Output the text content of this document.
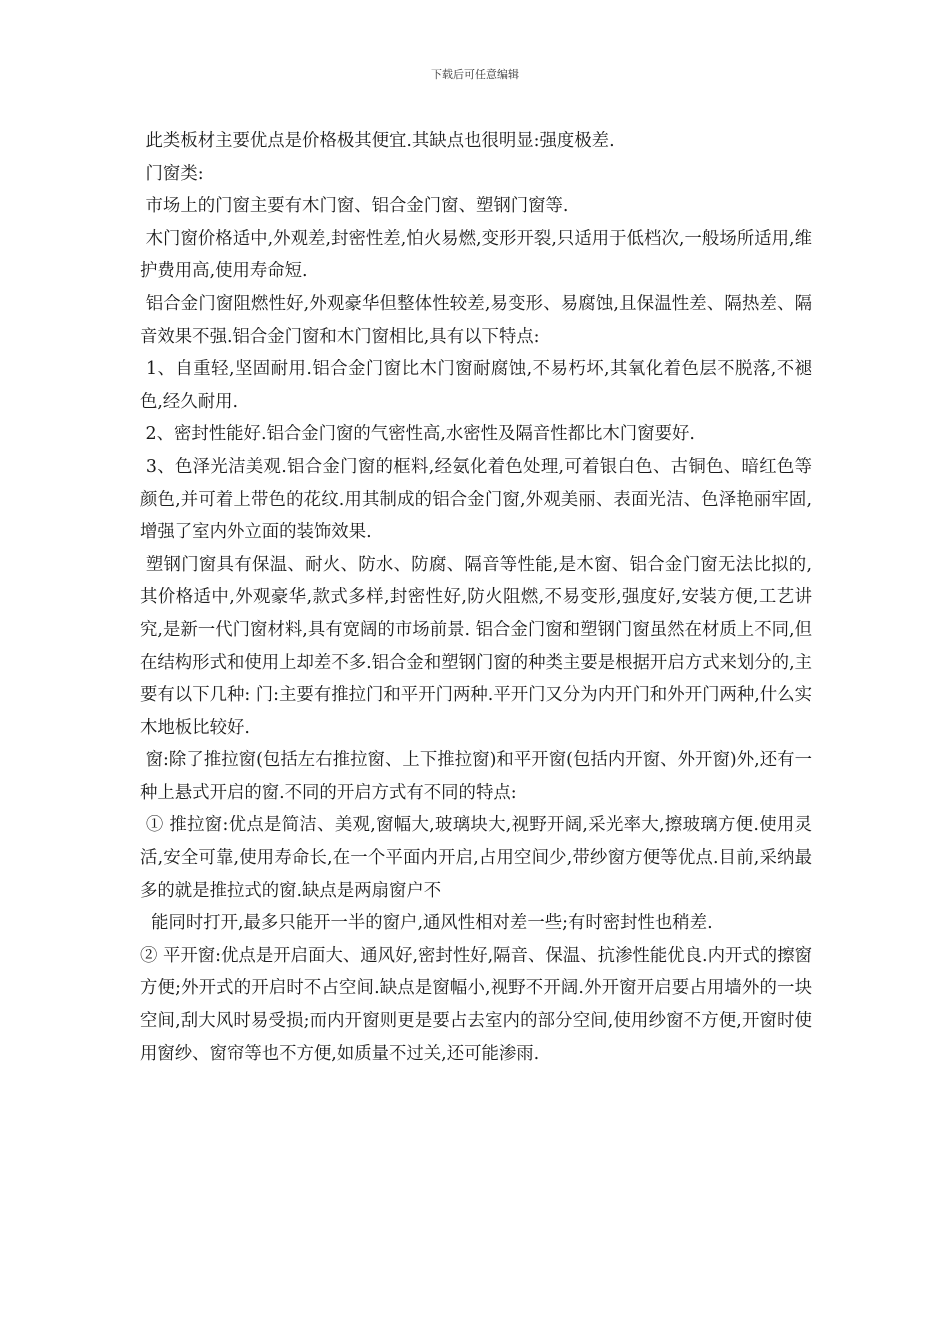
下载后可任意编辑

此类板材主要优点是价格极其便宜.其缺点也很明显:强度极差.

门窗类:

市场上的门窗主要有木门窗、铝合金门窗、塑钢门窗等.

木门窗价格适中,外观差,封密性差,怕火易燃,变形开裂,只适用于低档次,一般场所适用,维护费用高,使用寿命短.

铝合金门窗阻燃性好,外观豪华但整体性较差,易变形、易腐蚀,且保温性差、隔热差、隔音效果不强.铝合金门窗和木门窗相比,具有以下特点:

1、自重轻,坚固耐用.铝合金门窗比木门窗耐腐蚀,不易朽坏,其氧化着色层不脱落,不褪色,经久耐用.

2、密封性能好.铝合金门窗的气密性高,水密性及隔音性都比木门窗要好.

3、色泽光洁美观.铝合金门窗的框料,经氨化着色处理,可着银白色、古铜色、暗红色等颜色,并可着上带色的花纹.用其制成的铝合金门窗,外观美丽、表面光洁、色泽艳丽牢固,增强了室内外立面的装饰效果.

塑钢门窗具有保温、耐火、防水、防腐、隔音等性能,是木窗、铝合金门窗无法比拟的,其价格适中,外观豪华,款式多样,封密性好,防火阻燃,不易变形,强度好,安装方便,工艺讲究,是新一代门窗材料,具有宽阔的市场前景. 铝合金门窗和塑钢门窗虽然在材质上不同,但在结构形式和使用上却差不多.铝合金和塑钢门窗的种类主要是根据开启方式来划分的,主要有以下几种: 门:主要有推拉门和平开门两种.平开门又分为内开门和外开门两种,什么实木地板比较好.

窗:除了推拉窗(包括左右推拉窗、上下推拉窗)和平开窗(包括内开窗、外开窗)外,还有一种上悬式开启的窗.不同的开启方式有不同的特点:

① 推拉窗:优点是简洁、美观,窗幅大,玻璃块大,视野开阔,采光率大,擦玻璃方便.使用灵活,安全可靠,使用寿命长,在一个平面内开启,占用空间少,带纱窗方便等优点.目前,采纳最多的就是推拉式的窗.缺点是两扇窗户不

能同时打开,最多只能开一半的窗户,通风性相对差一些;有时密封性也稍差.

② 平开窗:优点是开启面大、通风好,密封性好,隔音、保温、抗渗性能优良.内开式的擦窗方便;外开式的开启时不占空间.缺点是窗幅小,视野不开阔.外开窗开启要占用墙外的一块空间,刮大风时易受损;而内开窗则更是要占去室内的部分空间,使用纱窗不方便,开窗时使用窗纱、窗帘等也不方便,如质量不过关,还可能渗雨.
